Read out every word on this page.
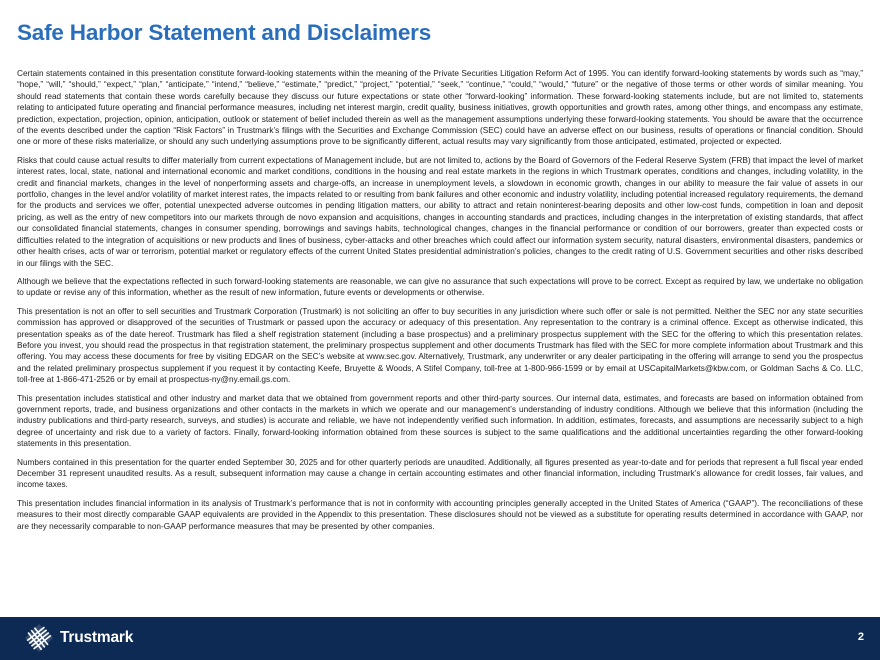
Safe Harbor Statement and Disclaimers

Certain statements contained in this presentation constitute forward-looking statements within the meaning of the Private Securities Litigation Reform Act of 1995. You can identify forward-looking statements by words such as “may,” “hope,” “will,” “should,” “expect,” “plan,” “anticipate,” “intend,” “believe,” “estimate,” “predict,” “project,” “potential,” “seek,” “continue,” “could,” “would,” “future” or the negative of those terms or other words of similar meaning. You should read statements that contain these words carefully because they discuss our future expectations or state other “forward-looking” information. These forward-looking statements include, but are not limited to, statements relating to anticipated future operating and financial performance measures, including net interest margin, credit quality, business initiatives, growth opportunities and growth rates, among other things, and encompass any estimate, prediction, expectation, projection, opinion, anticipation, outlook or statement of belief included therein as well as the management assumptions underlying these forward-looking statements. You should be aware that the occurrence of the events described under the caption “Risk Factors” in Trustmark’s filings with the Securities and Exchange Commission (SEC) could have an adverse effect on our business, results of operations or financial condition. Should one or more of these risks materialize, or should any such underlying assumptions prove to be significantly different, actual results may vary significantly from those anticipated, estimated, projected or expected.

Risks that could cause actual results to differ materially from current expectations of Management include, but are not limited to, actions by the Board of Governors of the Federal Reserve System (FRB) that impact the level of market interest rates, local, state, national and international economic and market conditions, conditions in the housing and real estate markets in the regions in which Trustmark operates, conditions and changes, including volatility, in the credit and financial markets, changes in the level of nonperforming assets and charge-offs, an increase in unemployment levels, a slowdown in economic growth, changes in our ability to measure the fair value of assets in our portfolio, changes in the level and/or volatility of market interest rates, the impacts related to or resulting from bank failures and other economic and industry volatility, including potential increased regulatory requirements, the demand for the products and services we offer, potential unexpected adverse outcomes in pending litigation matters, our ability to attract and retain noninterest-bearing deposits and other low-cost funds, competition in loan and deposit pricing, as well as the entry of new competitors into our markets through de novo expansion and acquisitions, changes in accounting standards and practices, including changes in the interpretation of existing standards, that affect our consolidated financial statements, changes in consumer spending, borrowings and savings habits, technological changes, changes in the financial performance or condition of our borrowers, greater than expected costs or difficulties related to the integration of acquisitions or new products and lines of business, cyber-attacks and other breaches which could affect our information system security, natural disasters, environmental disasters, pandemics or other health crises, acts of war or terrorism, potential market or regulatory effects of the current United States presidential administration’s policies, changes to the credit rating of U.S. Government securities and other risks described in our filings with the SEC.

Although we believe that the expectations reflected in such forward-looking statements are reasonable, we can give no assurance that such expectations will prove to be correct. Except as required by law, we undertake no obligation to update or revise any of this information, whether as the result of new information, future events or developments or otherwise.

This presentation is not an offer to sell securities and Trustmark Corporation (Trustmark) is not soliciting an offer to buy securities in any jurisdiction where such offer or sale is not permitted. Neither the SEC nor any state securities commission has approved or disapproved of the securities of Trustmark or passed upon the accuracy or adequacy of this presentation. Any representation to the contrary is a criminal offence. Except as otherwise indicated, this presentation speaks as of the date hereof. Trustmark has filed a shelf registration statement (including a base prospectus) and a preliminary prospectus supplement with the SEC for the offering to which this presentation relates. Before you invest, you should read the prospectus in that registration statement, the preliminary prospectus supplement and other documents Trustmark has filed with the SEC for more complete information about Trustmark and this offering. You may access these documents for free by visiting EDGAR on the SEC’s website at www.sec.gov. Alternatively, Trustmark, any underwriter or any dealer participating in the offering will arrange to send you the prospectus and the related preliminary prospectus supplement if you request it by contacting Keefe, Bruyette & Woods, A Stifel Company, toll-free at 1-800-966-1599 or by email at USCapitalMarkets@kbw.com, or Goldman Sachs & Co. LLC, toll-free at 1-866-471-2526 or by email at prospectus-ny@ny.email.gs.com.

This presentation includes statistical and other industry and market data that we obtained from government reports and other third-party sources. Our internal data, estimates, and forecasts are based on information obtained from government reports, trade, and business organizations and other contacts in the markets in which we operate and our management’s understanding of industry conditions. Although we believe that this information (including the industry publications and third-party research, surveys, and studies) is accurate and reliable, we have not independently verified such information. In addition, estimates, forecasts, and assumptions are necessarily subject to a high degree of uncertainty and risk due to a variety of factors. Finally, forward-looking information obtained from these sources is subject to the same qualifications and the additional uncertainties regarding the other forward-looking statements in this presentation.

Numbers contained in this presentation for the quarter ended September 30, 2025 and for other quarterly periods are unaudited. Additionally, all figures presented as year-to-date and for periods that represent a full fiscal year ended December 31 represent unaudited results. As a result, subsequent information may cause a change in certain accounting estimates and other financial information, including Trustmark’s allowance for credit losses, fair values, and income taxes.

This presentation includes financial information in its analysis of Trustmark’s performance that is not in conformity with accounting principles generally accepted in the United States of America (“GAAP”). The reconciliations of these measures to their most directly comparable GAAP equivalents are provided in the Appendix to this presentation. These disclosures should not be viewed as a substitute for operating results determined in accordance with GAAP, nor are they necessarily comparable to non-GAAP performance measures that may be presented by other companies.

Trustmark	2
